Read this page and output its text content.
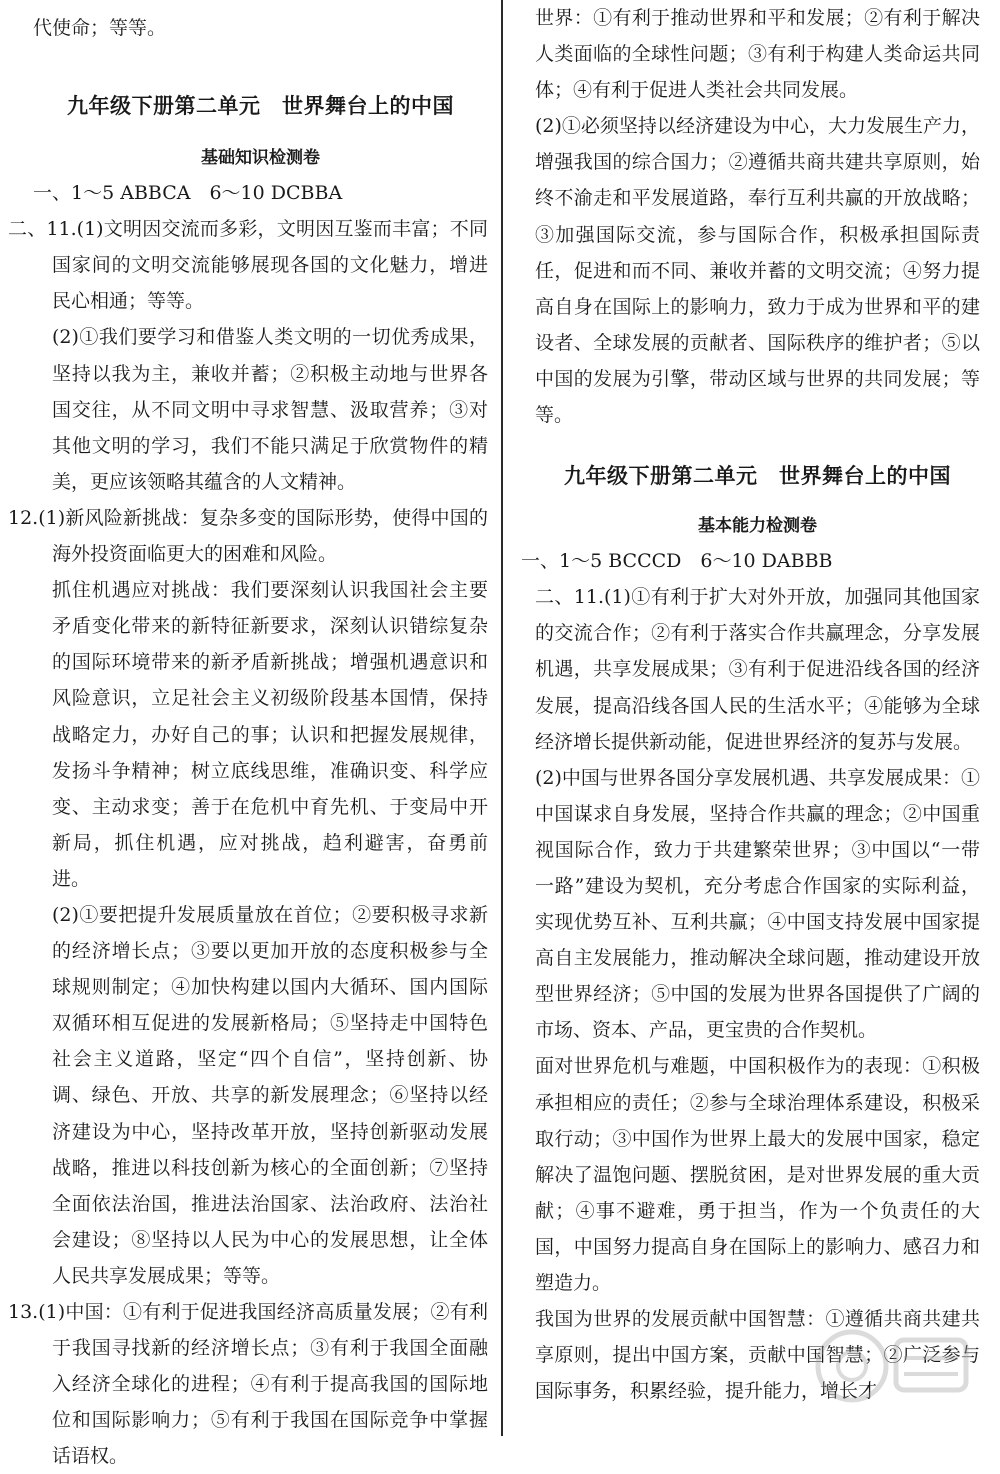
代使命；等等。

九年级下册第二单元　世界舞台上的中国
基础知识检测卷

一、1～5 ABBCA　6～10 DCBBA

二、11.(1)文明因交流而多彩，文明因互鉴而丰富；不同国家间的文明交流能够展现各国的文化魅力，增进民心相通；等等。

(2)①我们要学习和借鉴人类文明的一切优秀成果，坚持以我为主，兼收并蓄；②积极主动地与世界各国交往，从不同文明中寻求智慧、汲取营养；③对其他文明的学习，我们不能只满足于欣赏物件的精美，更应该领略其蕴含的人文精神。

12.(1)新风险新挑战：复杂多变的国际形势，使得中国的海外投资面临更大的困难和风险。

抓住机遇应对挑战：我们要深刻认识我国社会主要矛盾变化带来的新特征新要求，深刻认识错综复杂的国际环境带来的新矛盾新挑战；增强机遇意识和风险意识，立足社会主义初级阶段基本国情，保持战略定力，办好自己的事；认识和把握发展规律，发扬斗争精神；树立底线思维，准确识变、科学应变、主动求变；善于在危机中育先机、于变局中开新局，抓住机遇，应对挑战，趋利避害，奋勇前进。

(2)①要把提升发展质量放在首位；②要积极寻求新的经济增长点；③要以更加开放的态度积极参与全球规则制定；④加快构建以国内大循环、国内国际双循环相互促进的发展新格局；⑤坚持走中国特色社会主义道路，坚定“四个自信”，坚持创新、协调、绿色、开放、共享的新发展理念；⑥坚持以经济建设为中心，坚持改革开放，坚持创新驱动发展战略，推进以科技创新为核心的全面创新；⑦坚持全面依法治国，推进法治国家、法治政府、法治社会建设；⑧坚持以人民为中心的发展思想，让全体人民共享发展成果；等等。

13.(1)中国：①有利于促进我国经济高质量发展；②有利于我国寻找新的经济增长点；③有利于我国全面融入经济全球化的进程；④有利于提高我国的国际地位和国际影响力；⑤有利于我国在国际竞争中掌握话语权。

世界：①有利于推动世界和平和发展；②有利于解决人类面临的全球性问题；③有利于构建人类命运共同体；④有利于促进人类社会共同发展。

(2)①必须坚持以经济建设为中心，大力发展生产力，增强我国的综合国力；②遵循共商共建共享原则，始终不渝走和平发展道路，奉行互利共赢的开放战略；③加强国际交流，参与国际合作，积极承担国际责任，促进和而不同、兼收并蓄的文明交流；④努力提高自身在国际上的影响力，致力于成为世界和平的建设者、全球发展的贡献者、国际秩序的维护者；⑤以中国的发展为引擎，带动区域与世界的共同发展；等等。

九年级下册第二单元　世界舞台上的中国
基本能力检测卷

一、1～5 BCCCD　6～10 DABBB

二、11.(1)①有利于扩大对外开放，加强同其他国家的交流合作；②有利于落实合作共赢理念，分享发展机遇，共享发展成果；③有利于促进沿线各国的经济发展，提高沿线各国人民的生活水平；④能够为全球经济增长提供新动能，促进世界经济的复苏与发展。

(2)中国与世界各国分享发展机遇、共享发展成果：①中国谋求自身发展，坚持合作共赢的理念；②中国重视国际合作，致力于共建繁荣世界；③中国以“一带一路”建设为契机，充分考虑合作国家的实际利益，实现优势互补、互利共赢；④中国支持发展中国家提高自主发展能力，推动解决全球问题，推动建设开放型世界经济；⑤中国的发展为世界各国提供了广阔的市场、资本、产品，更宝贵的合作契机。

面对世界危机与难题，中国积极作为的表现：①积极承担相应的责任；②参与全球治理体系建设，积极采取行动；③中国作为世界上最大的发展中国家，稳定解决了温饱问题、摆脱贫困，是对世界发展的重大贡献；④事不避难，勇于担当，作为一个负责任的大国，中国努力提高自身在国际上的影响力、感召力和塑造力。

我国为世界的发展贡献中国智慧：①遵循共商共建共享原则，提出中国方案，贡献中国智慧；②广泛参与国际事务，积累经验，提升能力，增长才
